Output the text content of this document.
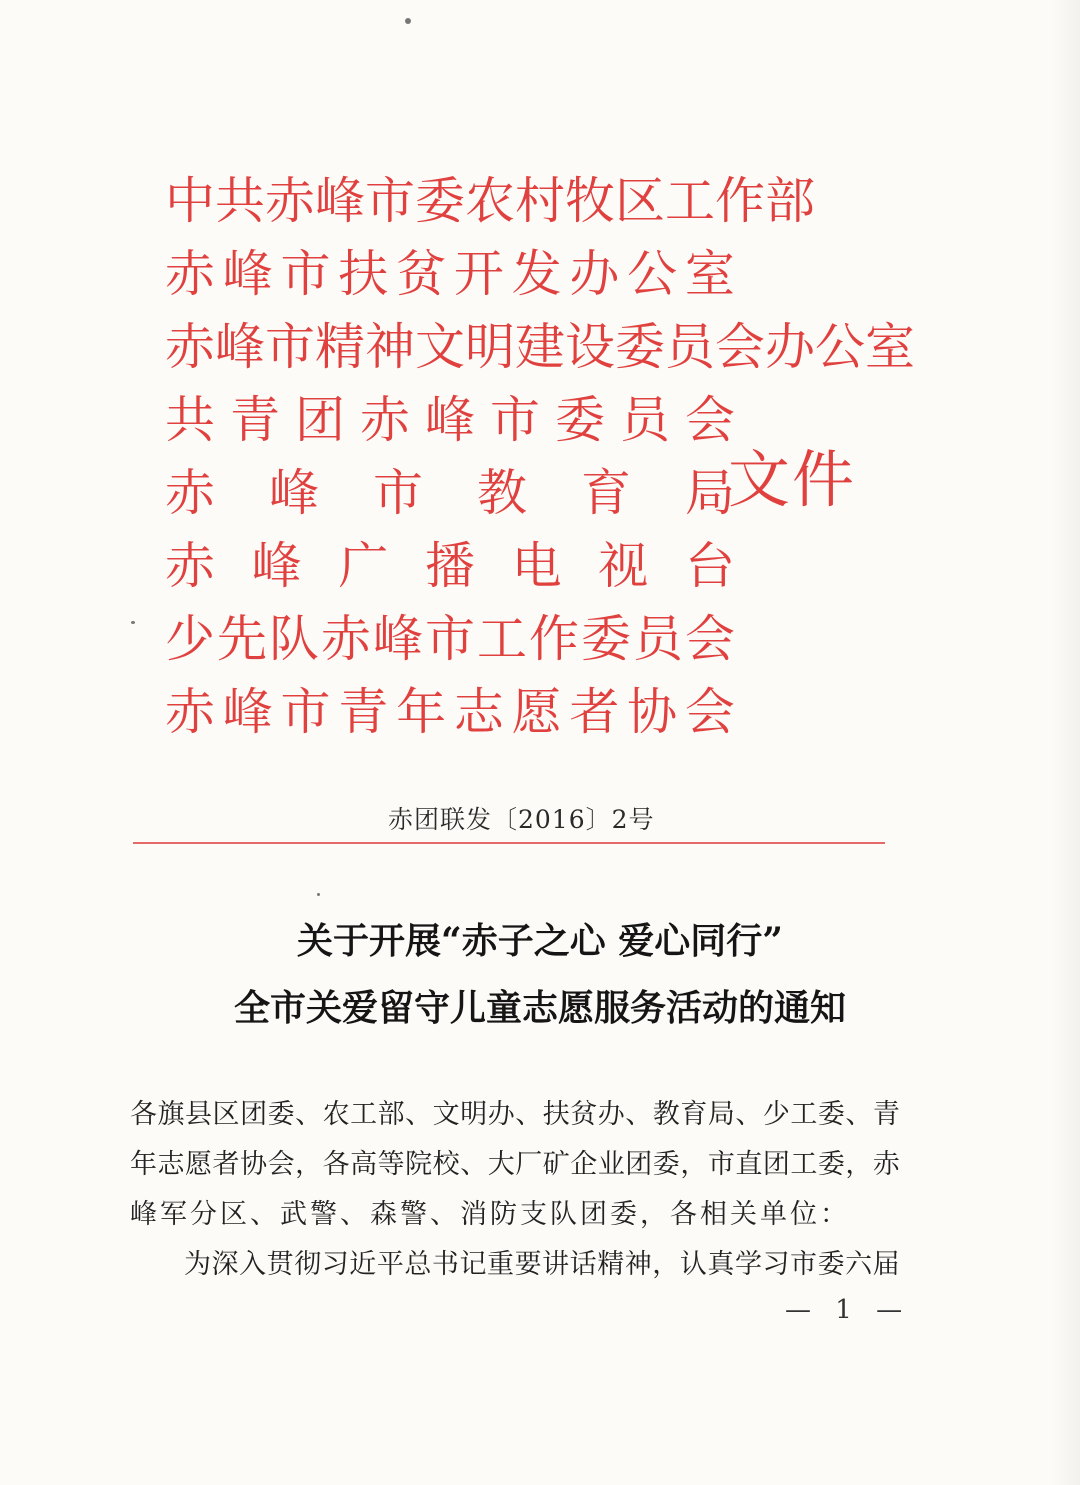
中 共 赤 峰 市 委 农 村 牧 区 工 作 部
赤 峰 市 扶 贫 开 发 办 公 室
赤 峰 市 精 神 文 明 建 设 委 员 会 办 公 室
共 青 团 赤 峰 市 委 员 会
赤 峰 市 教 育 局
赤 峰 广 播 电 视 台
少 先 队 赤 峰 市 工 作 委 员 会
赤 峰 市 青 年 志 愿 者 协 会
文件
赤团联发〔2016〕2号
关于开展“赤子之心 爱心同行”
全市关爱留守儿童志愿服务活动的通知
各 旗 县 区 团 委 、 农 工 部 、 文 明 办 、 扶 贫 办 、 教 育 局 、 少 工 委 、 青
年 志 愿 者 协 会 ， 各 高 等 院 校 、 大 厂 矿 企 业 团 委 ， 市 直 团 工 委 ， 赤
峰军分区、武警、森警、消防支队团委，各相关单位：
为 深 入 贯 彻 习 近 平 总 书 记 重 要 讲 话 精 神 ， 认 真 学 习 市 委 六 届
— 1 —
